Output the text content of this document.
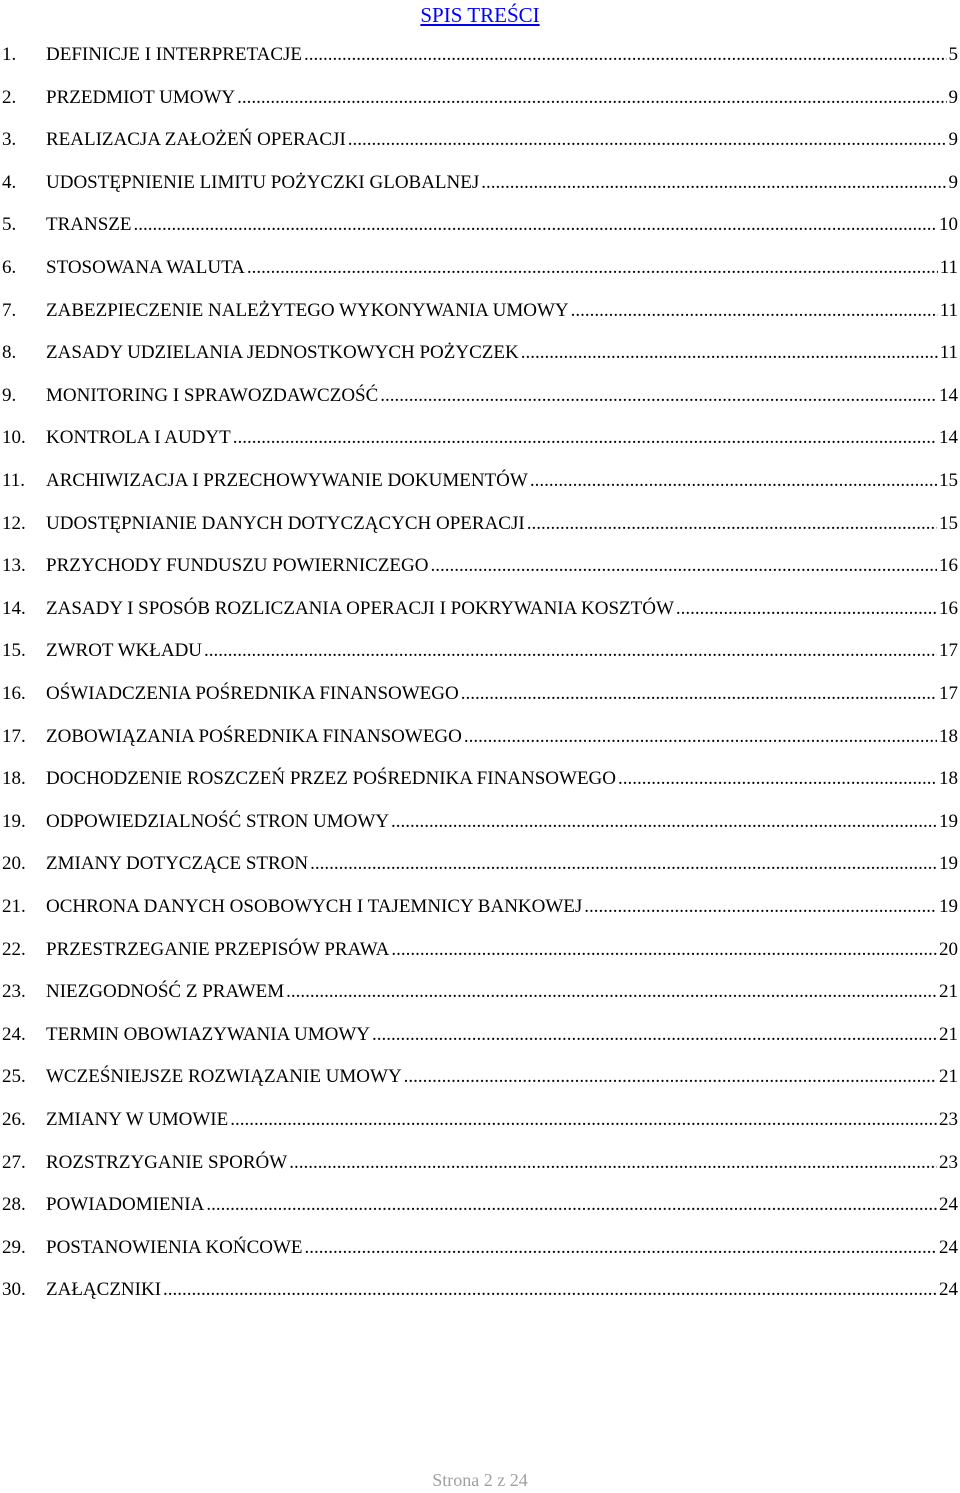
SPIS TREŚCI
1. DEFINICJE I INTERPRETACJE .....	5
2. PRZEDMIOT UMOWY .....	9
3. REALIZACJA ZAŁOŻEŃ OPERACJI .....	9
4. UDOSTĘPNIENIE LIMITU POŻYCZKI GLOBALNEJ .....	9
5. TRANSZE .....	10
6. STOSOWANA WALUTA .....	11
7. ZABEZPIECZENIE NALEŻYTEGO WYKONYWANIA UMOWY .....	11
8. ZASADY UDZIELANIA JEDNOSTKOWYCH POŻYCZEK .....	11
9. MONITORING I SPRAWOZDAWCZOŚĆ .....	14
10. KONTROLA I AUDYT .....	14
11. ARCHIWIZACJA I PRZECHOWYWANIE DOKUMENTÓW .....	15
12. UDOSTĘPNIANIE DANYCH DOTYCZĄCYCH OPERACJI .....	15
13. PRZYCHODY FUNDUSZU POWIERNICZEGO .....	16
14. ZASADY I SPOSÓB ROZLICZANIA OPERACJI I POKRYWANIA KOSZTÓW .....	16
15. ZWROT WKŁADU .....	17
16. OŚWIADCZENIA POŚREDNIKA FINANSOWEGO .....	17
17. ZOBOWIĄZANIA POŚREDNIKA FINANSOWEGO .....	18
18. DOCHODZENIE ROSZCZEŃ PRZEZ POŚREDNIKA FINANSOWEGO .....	18
19. ODPOWIEDZIALNOŚĆ STRON UMOWY .....	19
20. ZMIANY DOTYCZĄCE STRON .....	19
21. OCHRONA DANYCH OSOBOWYCH I TAJEMNICY BANKOWEJ .....	19
22. PRZESTRZEGANIE PRZEPISÓW PRAWA .....	20
23. NIEZGODNOŚĆ Z PRAWEM .....	21
24. TERMIN OBOWIAZYWANIA UMOWY .....	21
25. WCZEŚNIEJSZE ROZWIĄZANIE UMOWY .....	21
26. ZMIANY W UMOWIE .....	23
27. ROZSTRZYGANIE SPORÓW .....	23
28. POWIADOMIENIA .....	24
29. POSTANOWIENIA KOŃCOWE .....	24
30. ZAŁĄCZNIKI .....	24
Strona 2 z 24
